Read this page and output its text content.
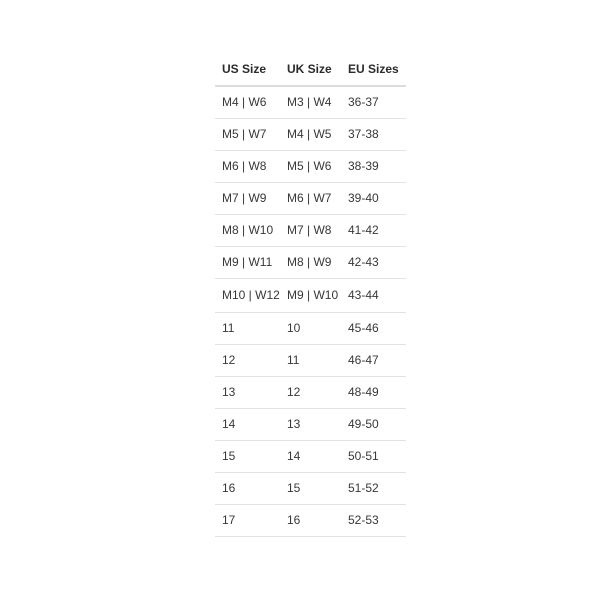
US Size	UK Size	EU Sizes
M4 | W6	M3 | W4	36-37
M5 | W7	M4 | W5	37-38
M6 | W8	M5 | W6	38-39
M7 | W9	M6 | W7	39-40
M8 | W10	M7 | W8	41-42
M9 | W11	M8 | W9	42-43
M10 | W12	M9 | W10	43-44
11	10	45-46
12	11	46-47
13	12	48-49
14	13	49-50
15	14	50-51
16	15	51-52
17	16	52-53
